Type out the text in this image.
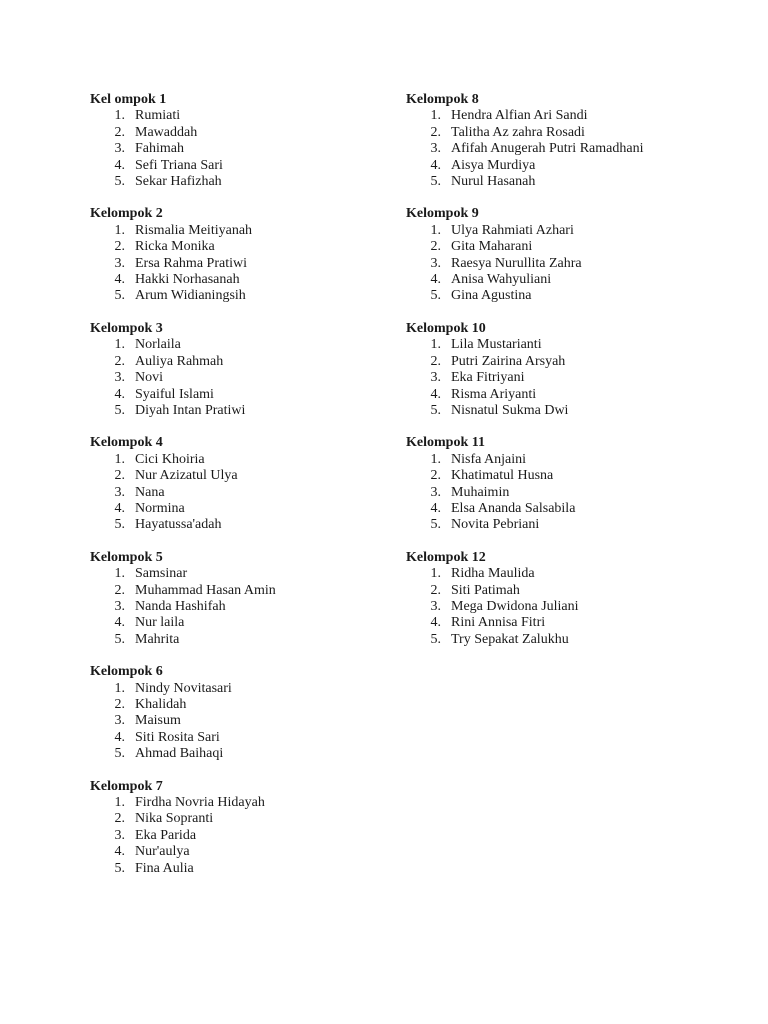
Kel ompok 1
1. Rumiati
2. Mawaddah
3. Fahimah
4. Sefi Triana Sari
5. Sekar Hafizhah
Kelompok 2
1. Rismalia Meitiyanah
2. Ricka Monika
3. Ersa Rahma Pratiwi
4. Hakki Norhasanah
5. Arum Widianingsih
Kelompok 3
1. Norlaila
2. Auliya Rahmah
3. Novi
4. Syaiful Islami
5. Diyah Intan Pratiwi
Kelompok 4
1. Cici Khoiria
2. Nur Azizatul Ulya
3. Nana
4. Normina
5. Hayatussa'adah
Kelompok 5
1. Samsinar
2. Muhammad Hasan Amin
3. Nanda Hashifah
4. Nur laila
5. Mahrita
Kelompok 6
1. Nindy Novitasari
2. Khalidah
3. Maisum
4. Siti Rosita Sari
5. Ahmad Baihaqi
Kelompok 7
1. Firdha Novria Hidayah
2. Nika Sopranti
3. Eka Parida
4. Nur'aulya
5. Fina Aulia
Kelompok 8
1. Hendra Alfian Ari Sandi
2. Talitha Az zahra Rosadi
3. Afifah Anugerah Putri Ramadhani
4. Aisya Murdiya
5. Nurul Hasanah
Kelompok 9
1. Ulya Rahmiati Azhari
2. Gita Maharani
3. Raesya Nurullita Zahra
4. Anisa Wahyuliani
5. Gina Agustina
Kelompok 10
1. Lila Mustarianti
2. Putri Zairina Arsyah
3. Eka Fitriyani
4. Risma Ariyanti
5. Nisnatul Sukma Dwi
Kelompok 11
1. Nisfa Anjaini
2. Khatimatul Husna
3. Muhaimin
4. Elsa Ananda Salsabila
5. Novita Pebriani
Kelompok 12
1. Ridha Maulida
2. Siti Patimah
3. Mega Dwidona Juliani
4. Rini Annisa Fitri
5. Try Sepakat Zalukhu
